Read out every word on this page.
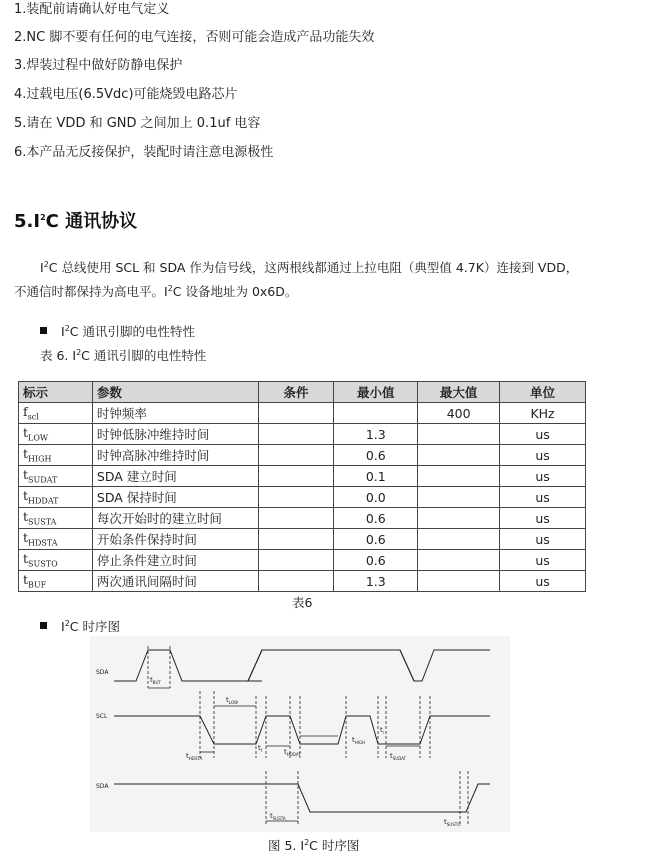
1.装配前请确认好电气定义
2.NC 脚不要有任何的电气连接，否则可能会造成产品功能失效
3.焊装过程中做好防静电保护
4.过载电压(6.5Vdc)可能烧毁电路芯片
5.请在 VDD 和 GND 之间加上 0.1uf 电容
6.本产品无反接保护，装配时请注意电源极性
$5.I^2C$ 通讯协议
$I^2C$ 总线使用 SCL 和 SDA 作为信号线，这两根线都通过上拉电阻（典型值 4.7K）连接到 VDD，
不通信时都保持为高电平。$I^2C$ 设备地址为 0x6D。
$I^2C$ 通讯引脚的电性特性
表 6. $I^2C$ 通讯引脚的电性特性
标示	参数	条件	最小值	最大值	单位
$f_{scl}$	时钟频率			400	KHz
$t_{LOW}$	时钟低脉冲维持时间		1.3		us
$t_{HIGH}$	时钟高脉冲维持时间		0.6		us
$t_{SUDAT}$	SDA 建立时间		0.1		us
$t_{HDDAT}$	SDA 保持时间		0.0		us
$t_{SUSTA}$	每次开始时的建立时间		0.6		us
$t_{HDSTA}$	开始条件保持时间		0.6		us
$t_{SUSTO}$	停止条件建立时间		0.6		us
$t_{BUF}$	两次通讯间隔时间		1.3		us
表6
$I^2C$ 时序图
SDA
SCL
SDA
$t_{BUT}$
$t_{LOW}$
$t_r$
$t_f$
$t_{HIGH}$
$t_{HDSTA}$
$t_{HDDAT}$	$t_{SUDAT}$
$t_{SUSTA}$	$t_{SUSTO}$
图 5. $I^2C$ 时序图
